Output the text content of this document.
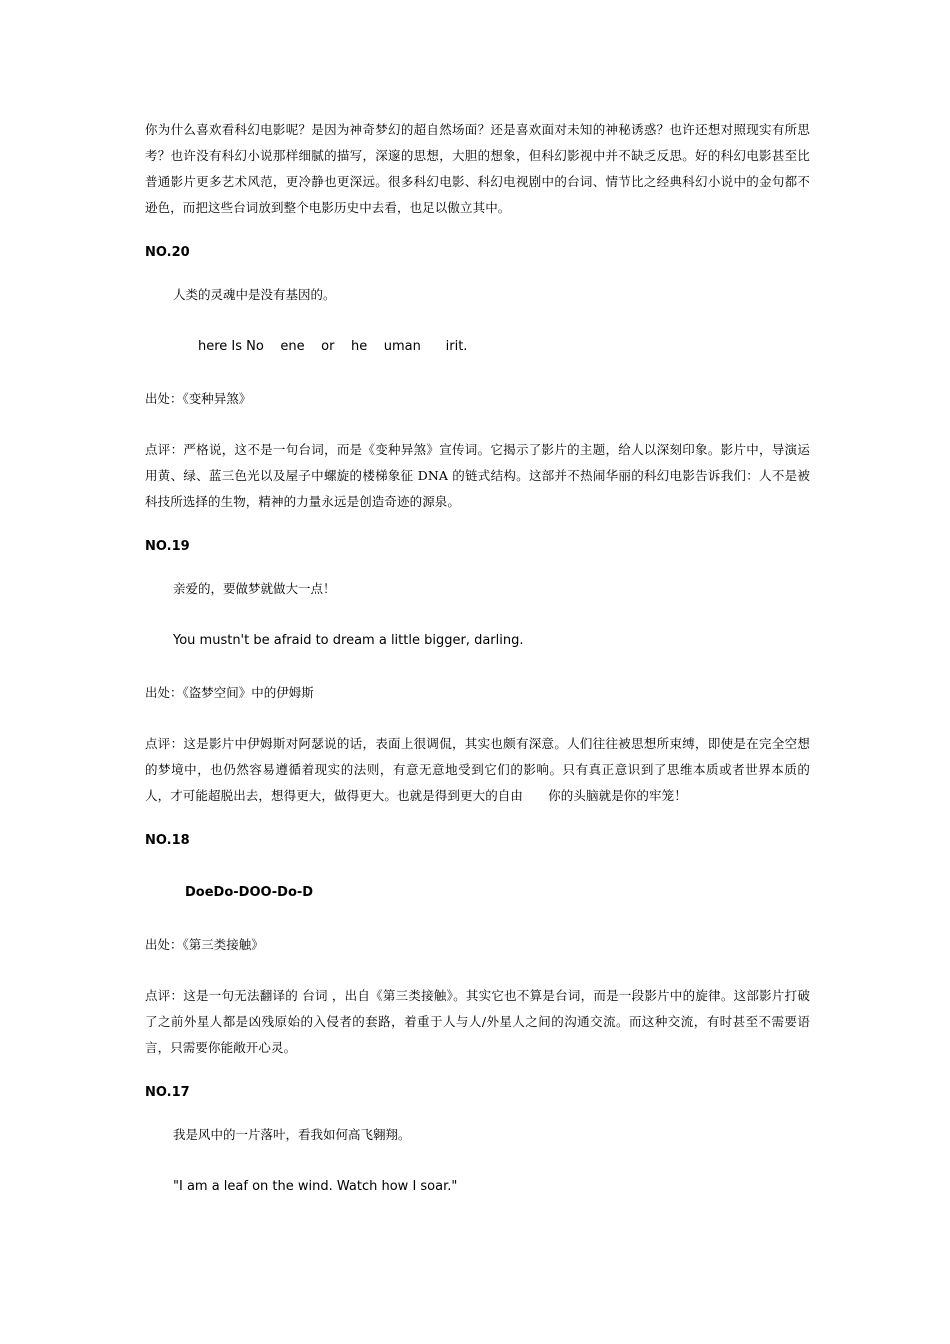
你为什么喜欢看科幻电影呢？是因为神奇梦幻的超自然场面？还是喜欢面对未知的神秘诱惑？也许还想对照现实有所思考？也许没有科幻小说那样细腻的描写，深邃的思想，大胆的想象，但科幻影视中并不缺乏反思。好的科幻电影甚至比普通影片更多艺术风范，更冷静也更深远。很多科幻电影、科幻电视剧中的台词、情节比之经典科幻小说中的金句都不逊色，而把这些台词放到整个电影历史中去看，也足以傲立其中。

NO.20

人类的灵魂中是没有基因的。

here Is No    ene    or    he    uman      irit.

出处：《变种异煞》

点评：严格说，这不是一句台词，而是《变种异煞》宣传词。它揭示了影片的主题，给人以深刻印象。影片中，导演运用黄、绿、蓝三色光以及屋子中螺旋的楼梯象征 DNA 的链式结构。这部并不热闹华丽的科幻电影告诉我们：人不是被科技所选择的生物，精神的力量永远是创造奇迹的源泉。

NO.19

亲爱的，要做梦就做大一点！

You mustn't be afraid to dream a little bigger, darling.

出处：《盗梦空间》中的伊姆斯

点评：这是影片中伊姆斯对阿瑟说的话，表面上很调侃，其实也颇有深意。人们往往被思想所束缚，即使是在完全空想的梦境中，也仍然容易遵循着现实的法则，有意无意地受到它们的影响。只有真正意识到了思维本质或者世界本质的人，才可能超脱出去，想得更大，做得更大。也就是得到更大的自由　　你的头脑就是你的牢笼！

NO.18

DoeDo-DOO-Do-D

出处：《第三类接触》

点评：这是一句无法翻译的 台词 ，出自《第三类接触》。其实它也不算是台词，而是一段影片中的旋律。这部影片打破了之前外星人都是凶残原始的入侵者的套路，着重于人与人/外星人之间的沟通交流。而这种交流，有时甚至不需要语言，只需要你能敞开心灵。

NO.17

我是风中的一片落叶，看我如何高飞翱翔。

"I am a leaf on the wind. Watch how I soar."
